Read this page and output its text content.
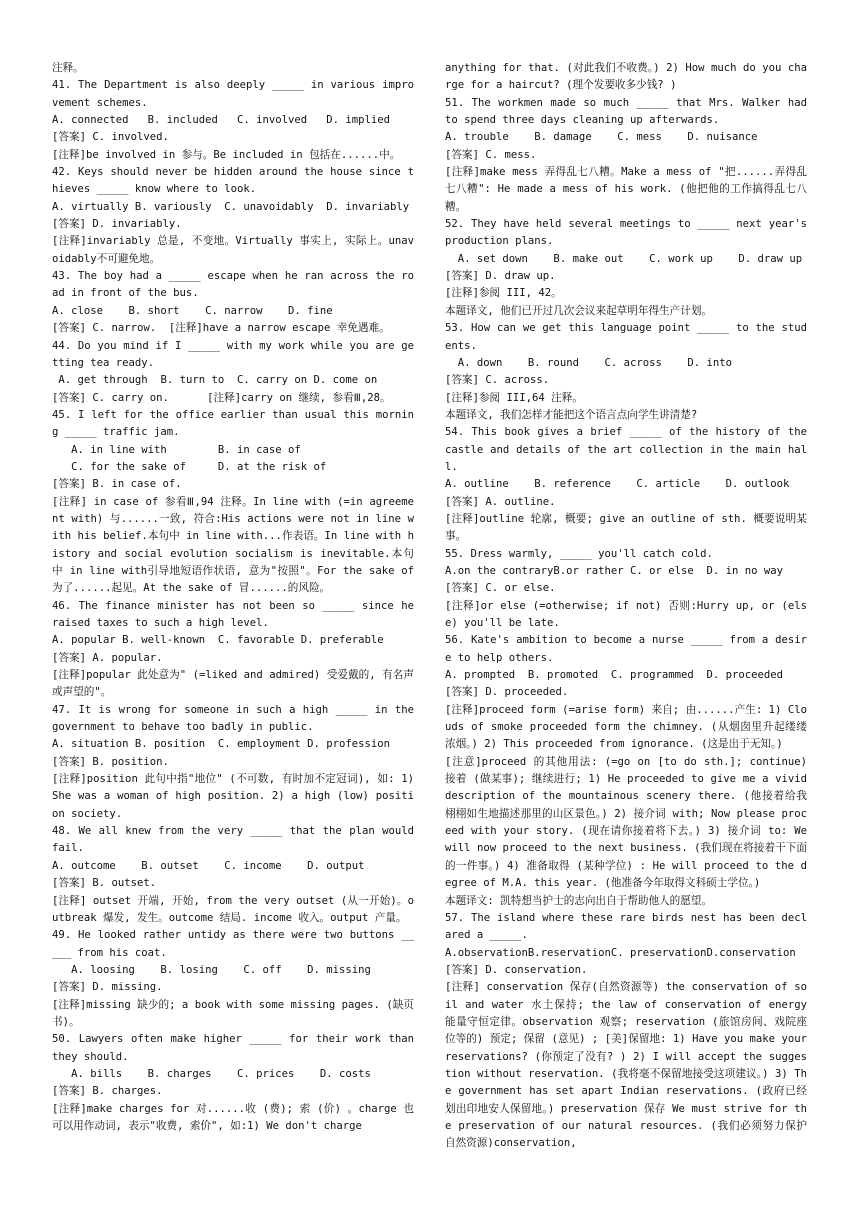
注释。
41. The Department is also deeply _____ in various improvement schemes.
A. connected   B. included   C. involved   D. implied
[答案] C. involved.
[注释]be involved in 参与。Be included in 包括在......中。
42. Keys should never be hidden around the house since thieves _____ know where to look.
A. virtually B. variously  C. unavoidably  D. invariably
[答案] D. invariably.
[注释]invariably 总是, 不变地。Virtually 事实上, 实际上。unavoidably不可避免地。
43. The boy had a _____ escape when he ran across the road in front of the bus.
A. close    B. short    C. narrow    D. fine
[答案] C. narrow.  [注释]have a narrow escape 幸免遇难。
44. Do you mind if I _____ with my work while you are getting tea ready.
A. get through  B. turn to  C. carry on D. come on
[答案] C. carry on.      [注释]carry on 继续, 参看Ⅲ,28。
45. I left for the office earlier than usual this morning _____ traffic jam.
A. in line with        B. in case of
C. for the sake of     D. at the risk of
[答案] B. in case of.
[注释] in case of 参看Ⅲ,94 注释。In line with (=in agreement with) 与......一致, 符合:His actions were not in line with his belief.本句中 in line with...作表语。In line with history and social evolution socialism is inevitable.本句中 in line with引导地短语作状语, 意为"按照"。For the sake of 为了......起见。At the sake of 冒......的风险。
46. The finance minister has not been so _____ since he raised taxes to such a high level.
A. popular B. well-known  C. favorable D. preferable
[答案] A. popular.
[注释]popular 此处意为" (=liked and admired) 受爱戴的, 有名声或声望的"。
47. It is wrong for someone in such a high _____ in the government to behave too badly in public.
A. situation B. position  C. employment D. profession
[答案] B. position.
[注释]position 此句中指"地位" (不可数, 有时加不定冠词), 如: 1) She was a woman of high position. 2) a high (low) position society.
48. We all knew from the very _____ that the plan would fail.
A. outcome    B. outset    C. income    D. output
[答案] B. outset.
[注释] outset 开端, 开始, from the very outset (从一开始)。outbreak 爆发, 发生。outcome 结局. income 收入。output 产量。
49. He looked rather untidy as there were two buttons _____ from his coat.
A. loosing    B. losing    C. off    D. missing
[答案] D. missing.
[注释]missing 缺少的; a book with some missing pages. (缺页书)。
50. Lawyers often make higher _____ for their work than they should.
A. bills    B. charges    C. prices    D. costs
[答案] B. charges.
[注释]make charges for 对......收 (费); 索 (价) 。charge 也可以用作动词, 表示"收费, 索价", 如:1) We don't charge
anything for that. (对此我们不收费。) 2) How much do you charge for a haircut? (理个发要收多少钱? )
51. The workmen made so much _____ that Mrs. Walker had to spend three days cleaning up afterwards.
A. trouble    B. damage    C. mess    D. nuisance
[答案] C. mess.
[注释]make mess 弄得乱七八糟。Make a mess of "把......弄得乱七八糟": He made a mess of his work. (他把他的工作搞得乱七八糟。
52. They have held several meetings to _____ next year's production plans.
A. set down    B. make out    C. work up    D. draw up
[答案] D. draw up.
[注释]参阅 III, 42。
本题译文, 他们已开过几次会议来起草明年得生产计划。
53. How can we get this language point _____ to the students.
A. down    B. round    C. across    D. into
[答案] C. across.
[注释]参阅 III,64 注释。
本题译文, 我们怎样才能把这个语言点向学生讲清楚?
54. This book gives a brief _____ of the history of the castle and details of the art collection in the main hall.
A. outline    B. reference    C. article    D. outlook
[答案] A. outline.
[注释]outline 轮廓, 概要; give an outline of sth. 概要说明某事。
55. Dress warmly, _____ you'll catch cold.
A.on the contraryB.or rather C. or else  D. in no way
[答案] C. or else.
[注释]or else (=otherwise; if not) 否则:Hurry up, or (else) you'll be late.
56. Kate's ambition to become a nurse _____ from a desire to help others.
A. prompted  B. promoted  C. programmed  D. proceeded
[答案] D. proceeded.
[注释]proceed form (=arise form) 来自; 由......产生: 1) Clouds of smoke proceeded form the chimney. (从烟囱里升起缕缕浓烟。) 2) This proceeded from ignorance. (这是出于无知。)
[注意]proceed 的其他用法: (=go on [to do sth.]; continue) 接着 (做某事); 继续进行; 1) He proceeded to give me a vivid description of the mountainous scenery there. (他接着给我栩栩如生地描述那里的山区景色。) 2) 接介词 with; Now please proceed with your story. (现在请你接着将下去。) 3) 接介词 to: We will now proceed to the next business. (我们现在将接着干下面的一件事。) 4) 准备取得 (某种学位) : He will proceed to the degree of M.A. this year. (他准备今年取得文科硕士学位。)
本题译文: 凯特想当护士的志向出自于帮助他人的愿望。
57. The island where these rare birds nest has been declared a _____.
A.observationB.reservationC. preservationD.conservation
[答案] D. conservation.
[注释] conservation 保存(自然资源等) the conservation of soil and water 水土保持; the law of conservation of energy 能量守恒定律。observation 观察; reservation (旅馆房间、戏院座位等的) 预定; 保留 (意见) ; [美]保留地: 1) Have you make your reservations? (你预定了没有? ) 2) I will accept the suggestion without reservation. (我将毫不保留地接受这项建议。) 3) The government has set apart Indian reservations. (政府已经划出印地安人保留地。) preservation 保存 We must strive for the preservation of our natural resources. (我们必须努力保护自然资源)conservation,
